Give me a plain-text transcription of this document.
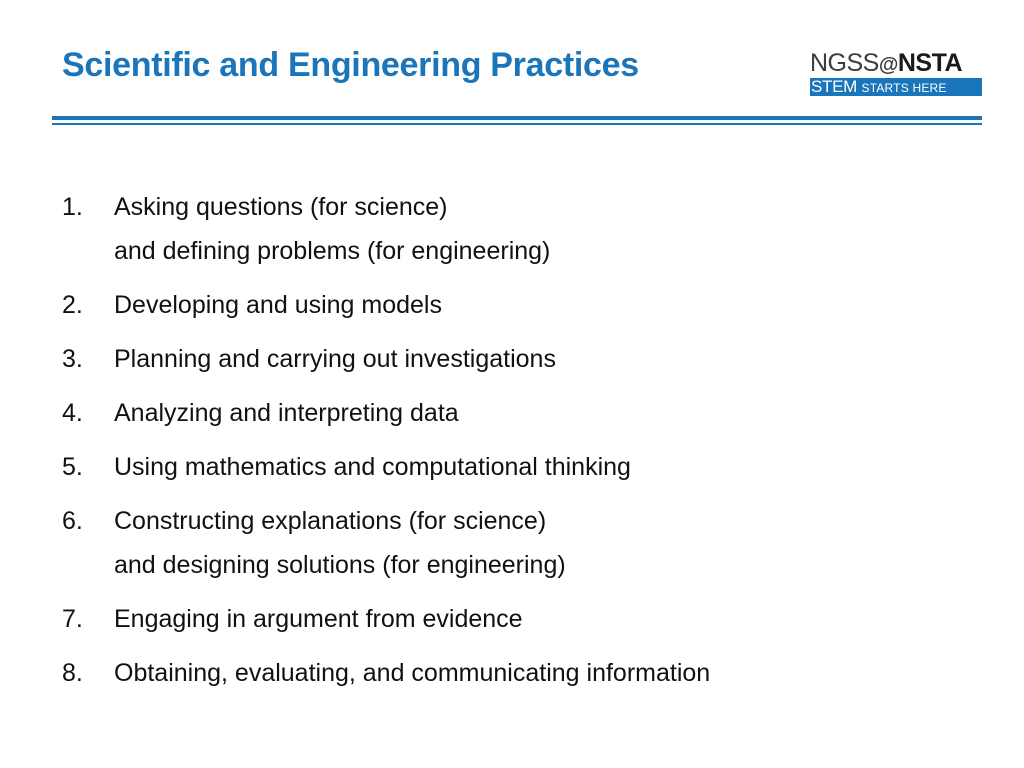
Scientific and Engineering Practices	NGSS@NSTA
STEM STARTS HERE
1. Asking questions (for science)
and defining problems (for engineering)
2. Developing and using models
3. Planning and carrying out investigations
4. Analyzing and interpreting data
5. Using mathematics and computational thinking
6. Constructing explanations (for science)
and designing solutions (for engineering)
7. Engaging in argument from evidence
8. Obtaining, evaluating, and communicating information
